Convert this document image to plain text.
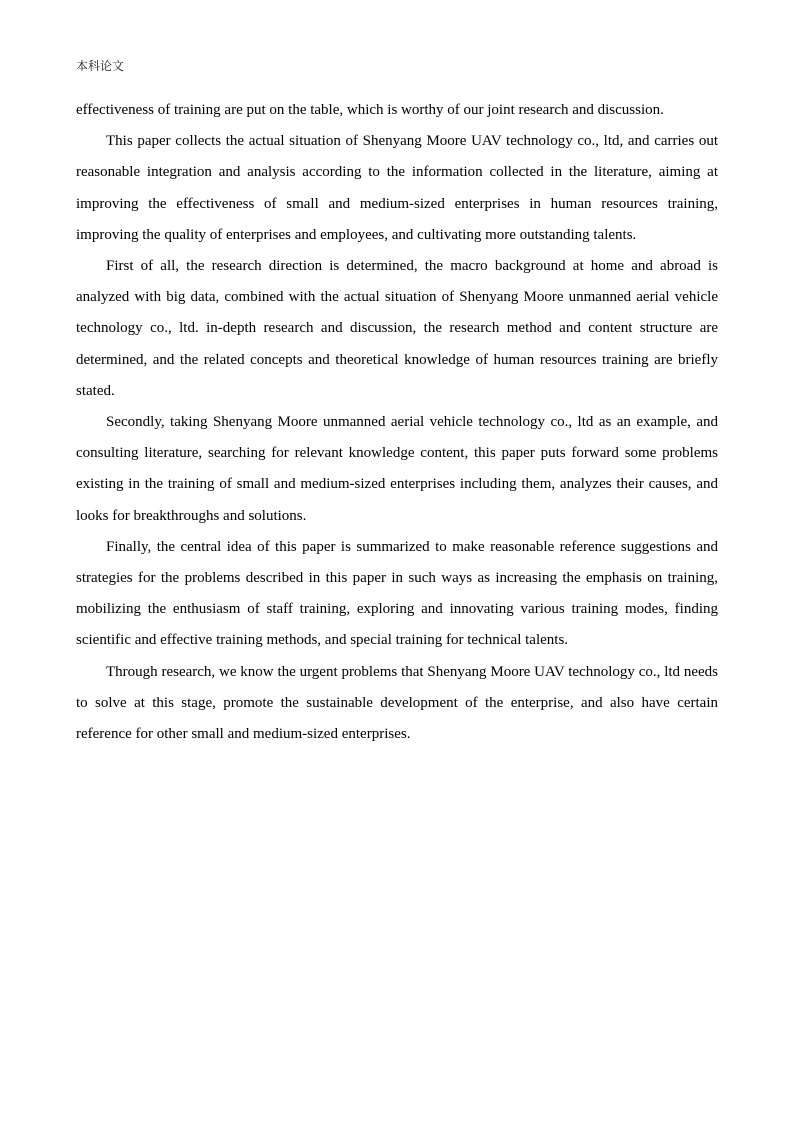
本科论文

effectiveness of training are put on the table, which is worthy of our joint research and discussion.

This paper collects the actual situation of Shenyang Moore UAV technology co., ltd, and carries out reasonable integration and analysis according to the information collected in the literature, aiming at improving the effectiveness of small and medium-sized enterprises in human resources training, improving the quality of enterprises and employees, and cultivating more outstanding talents.

First of all, the research direction is determined, the macro background at home and abroad is analyzed with big data, combined with the actual situation of Shenyang Moore unmanned aerial vehicle technology co., ltd. in-depth research and discussion, the research method and content structure are determined, and the related concepts and theoretical knowledge of human resources training are briefly stated.

Secondly, taking Shenyang Moore unmanned aerial vehicle technology co., ltd as an example, and consulting literature, searching for relevant knowledge content, this paper puts forward some problems existing in the training of small and medium-sized enterprises including them, analyzes their causes, and looks for breakthroughs and solutions.

Finally, the central idea of this paper is summarized to make reasonable reference suggestions and strategies for the problems described in this paper in such ways as increasing the emphasis on training, mobilizing the enthusiasm of staff training, exploring and innovating various training modes, finding scientific and effective training methods, and special training for technical talents.

Through research, we know the urgent problems that Shenyang Moore UAV technology co., ltd needs to solve at this stage, promote the sustainable development of the enterprise, and also have certain reference for other small and medium-sized enterprises.
